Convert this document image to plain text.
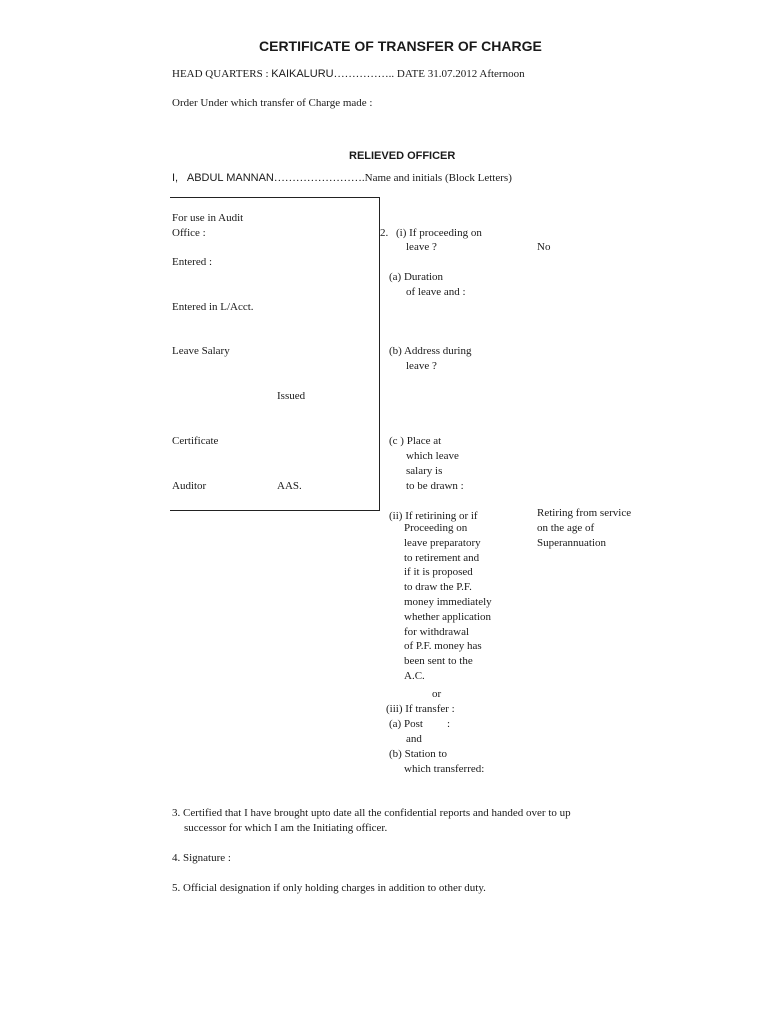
CERTIFICATE OF TRANSFER OF CHARGE
HEAD QUARTERS : KAIKALURU…………….. DATE 31.07.2012 Afternoon
Order Under which transfer of Charge made :
RELIEVED OFFICER
I, ABDUL MANNAN…………………….Name and initials (Block Letters)
For use in Audit
Office :
Entered :
Entered in L/Acct.
Leave Salary
Issued
Certificate
Auditor	AAS.
2. (i) If proceeding on
leave ?	No
(a) Duration
of leave and :
(b) Address during
leave ?
(c ) Place at
which leave
salary is
to be drawn :
(ii) If retirining or if
Proceeding on
leave preparatory
to retirement and
if it is proposed
to draw the P.F.
money immediately
whether application
for withdrawal
of P.F. money has
been sent to the
A.C.
Retiring from service
on the age of
Superannuation
or
(iii) If transfer :
(a) Post :
and
(b) Station to
which transferred:
3. Certified that I have brought upto date all the confidential reports and handed over to up
successor for which I am the Initiating officer.
4. Signature :
5. Official designation if only holding charges in addition to other duty.
